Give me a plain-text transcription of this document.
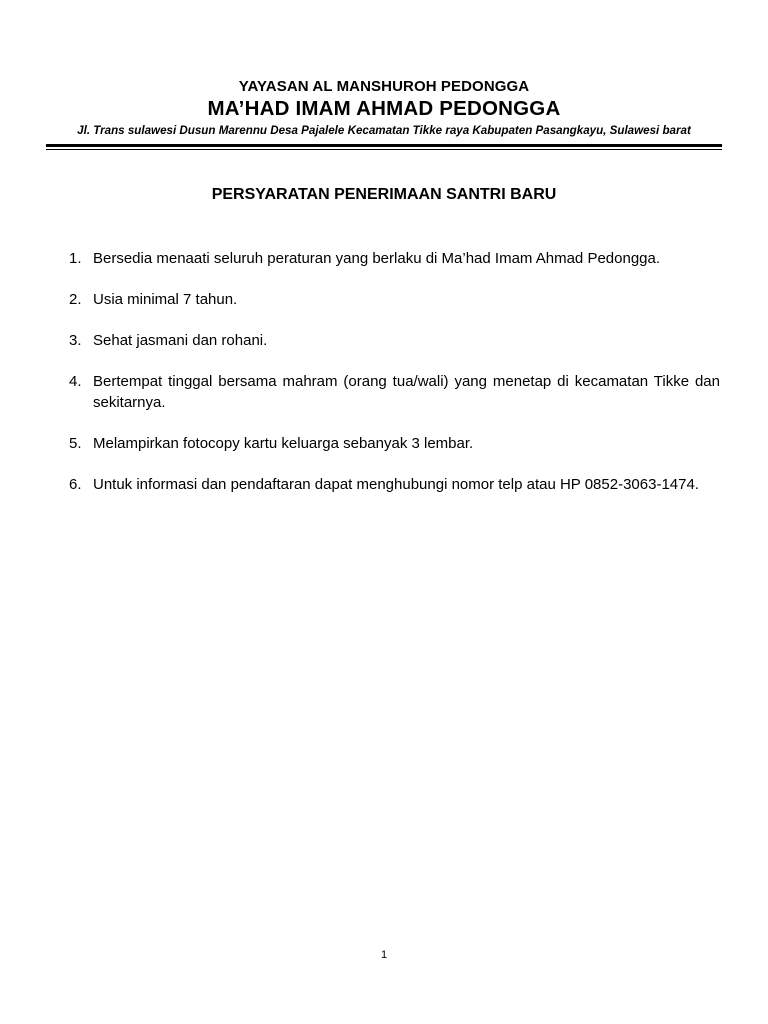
YAYASAN AL MANSHUROH PEDONGGA
MA’HAD IMAM AHMAD PEDONGGA
Jl. Trans sulawesi Dusun Marennu Desa Pajalele Kecamatan Tikke raya Kabupaten Pasangkayu, Sulawesi barat
PERSYARATAN PENERIMAAN SANTRI BARU
1. Bersedia menaati seluruh peraturan yang berlaku di Ma’had Imam Ahmad Pedongga.
2. Usia minimal 7 tahun.
3. Sehat jasmani dan rohani.
4. Bertempat tinggal bersama mahram (orang tua/wali) yang menetap di kecamatan Tikke dan sekitarnya.
5. Melampirkan fotocopy kartu keluarga sebanyak 3 lembar.
6. Untuk informasi dan pendaftaran dapat menghubungi nomor telp atau HP 0852-3063-1474.
1
